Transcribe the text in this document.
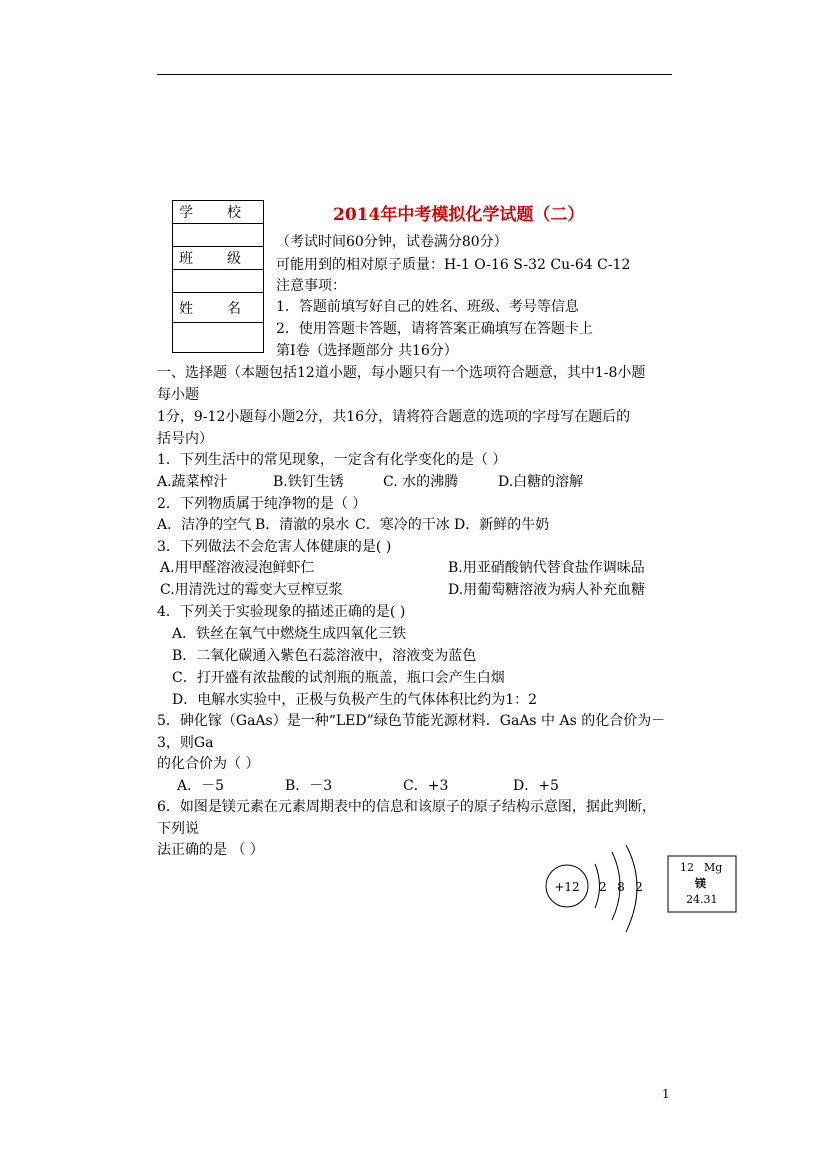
学 校

班 级

姓 名

2014年中考模拟化学试题（二）
（考试时间60分钟，试卷满分80分）
可能用到的相对原子质量：H-1 O-16 S-32 Cu-64 C-12
注意事项：
1．答题前填写好自己的姓名、班级、考号等信息
2．使用答题卡答题，请将答案正确填写在答题卡上
第I卷（选择题部分 共16分）
一、选择题（本题包括12道小题，每小题只有一个选项符合题意，其中1-8小题
每小题
1分，9-12小题每小题2分，共16分，请将符合题意的选项的字母写在题后的
括号内）
1．下列生活中的常见现象，一定含有化学变化的是（ ）
A.蔬菜榨汁	B.铁钉生锈	C. 水的沸腾	D.白糖的溶解
2．下列物质属于纯净物的是（ ）
A．洁净的空气 B．清澈的泉水 C．寒冷的干冰 D．新鲜的牛奶
3．下列做法不会危害人体健康的是( )
A.用甲醛溶液浸泡鲜虾仁	B.用亚硝酸钠代替食盐作调味品
C.用清洗过的霉变大豆榨豆浆	D.用葡萄糖溶液为病人补充血糖
4．下列关于实验现象的描述正确的是( )
A．铁丝在氧气中燃烧生成四氧化三铁
B．二氧化碳通入紫色石蕊溶液中，溶液变为蓝色
C．打开盛有浓盐酸的试剂瓶的瓶盖，瓶口会产生白烟
D．电解水实验中，正极与负极产生的气体体积比约为1：2
5．砷化镓（GaAs）是一种“LED”绿色节能光源材料．GaAs 中 As 的化合价为－
3，则Ga
的化合价为（ ）
A．－5	B．－3	C．+3	D．+5
6．如图是镁元素在元素周期表中的信息和该原子的原子结构示意图，据此判断，
下列说
法正确的是 （ ）
+12 2 8 2
12 Mg
镁
24.31
1
